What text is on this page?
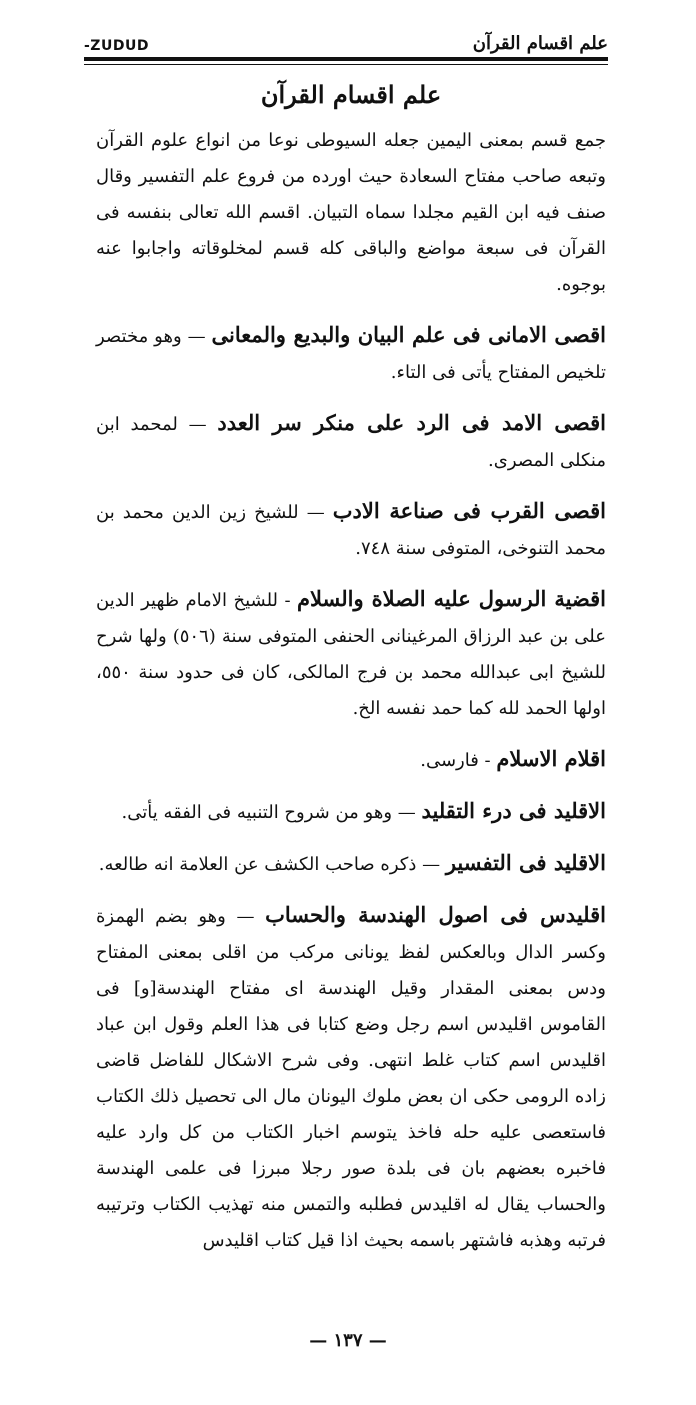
-ZUDUD	علم اقسام القرآن
علم اقسام القرآن

جمع قسم بمعنى اليمين جعله السيوطى نوعا من انواع علوم القرآن وتبعه صاحب مفتاح السعادة حيث اورده من فروع علم التفسير وقال صنف فيه ابن القيم مجلدا سماه التبيان. اقسم الله تعالى بنفسه فى القرآن فى سبعة مواضع والباقى كله قسم لمخلوقاته واجابوا عنه بوجوه.

اقصى الامانى فى علم البيان والبديع والمعانى — وهو مختصر تلخيص المفتاح يأتى فى التاء.

اقصى الامد فى الرد على منكر سر العدد — لمحمد ابن منكلى المصرى.

اقصى القرب فى صناعة الادب — للشيخ زين الدين محمد بن محمد التنوخى، المتوفى سنة ٧٤٨.

اقضية الرسول عليه الصلاة والسلام - للشيخ الامام ظهير الدين على بن عبد الرزاق المرغينانى الحنفى المتوفى سنة (٥٠٦) ولها شرح للشيخ ابى عبدالله محمد بن فرج المالكى، كان فى حدود سنة ٥٥٠، اولها الحمد لله كما حمد نفسه الخ.

اقلام الاسلام - فارسى.

الاقليد فى درء التقليد — وهو من شروح التنبيه فى الفقه يأتى.

الاقليد فى التفسير — ذكره صاحب الكشف عن العلامة انه طالعه.

اقليدس فى اصول الهندسة والحساب — وهو بضم الهمزة وكسر الدال وبالعكس لفظ يونانى مركب من اقلى بمعنى المفتاح ودس بمعنى المقدار وقيل الهندسة اى مفتاح الهندسة[و] فى القاموس اقليدس اسم رجل وضع كتابا فى هذا العلم وقول ابن عباد اقليدس اسم كتاب غلط انتهى. وفى شرح الاشكال للفاضل قاضى زاده الرومى حكى ان بعض ملوك اليونان مال الى تحصيل ذلك الكتاب فاستعصى عليه حله فاخذ يتوسم اخبار الكتاب من كل وارد عليه فاخبره بعضهم بان فى بلدة صور رجلا مبرزا فى علمى الهندسة والحساب يقال له اقليدس فطلبه والتمس منه تهذيب الكتاب وترتيبه فرتبه وهذبه فاشتهر باسمه بحيث اذا قيل كتاب اقليدس

— ١٣٧ —
